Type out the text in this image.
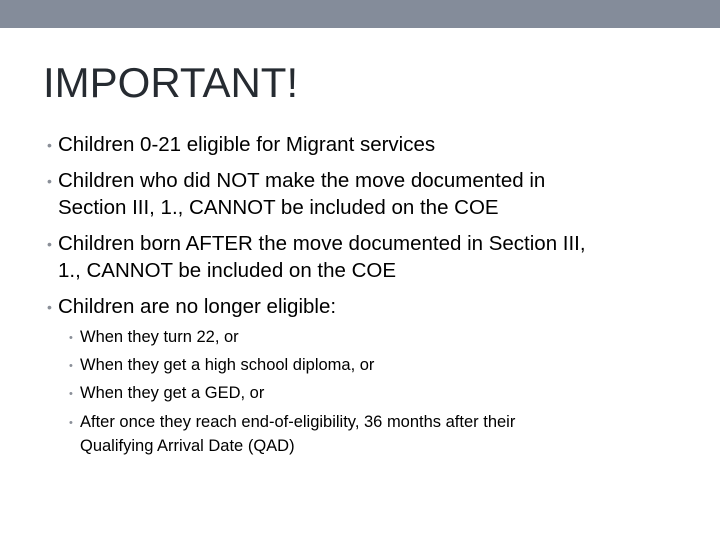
IMPORTANT!
• Children 0-21 eligible for Migrant services
• Children who did NOT make the move documented in
Section III, 1., CANNOT be included on the COE
• Children born AFTER the move documented in Section III,
1., CANNOT be included on the COE
• Children are no longer eligible:
• When they turn 22, or
• When they get a high school diploma, or
• When they get a GED, or
• After once they reach end-of-eligibility, 36 months after their
Qualifying Arrival Date (QAD)
